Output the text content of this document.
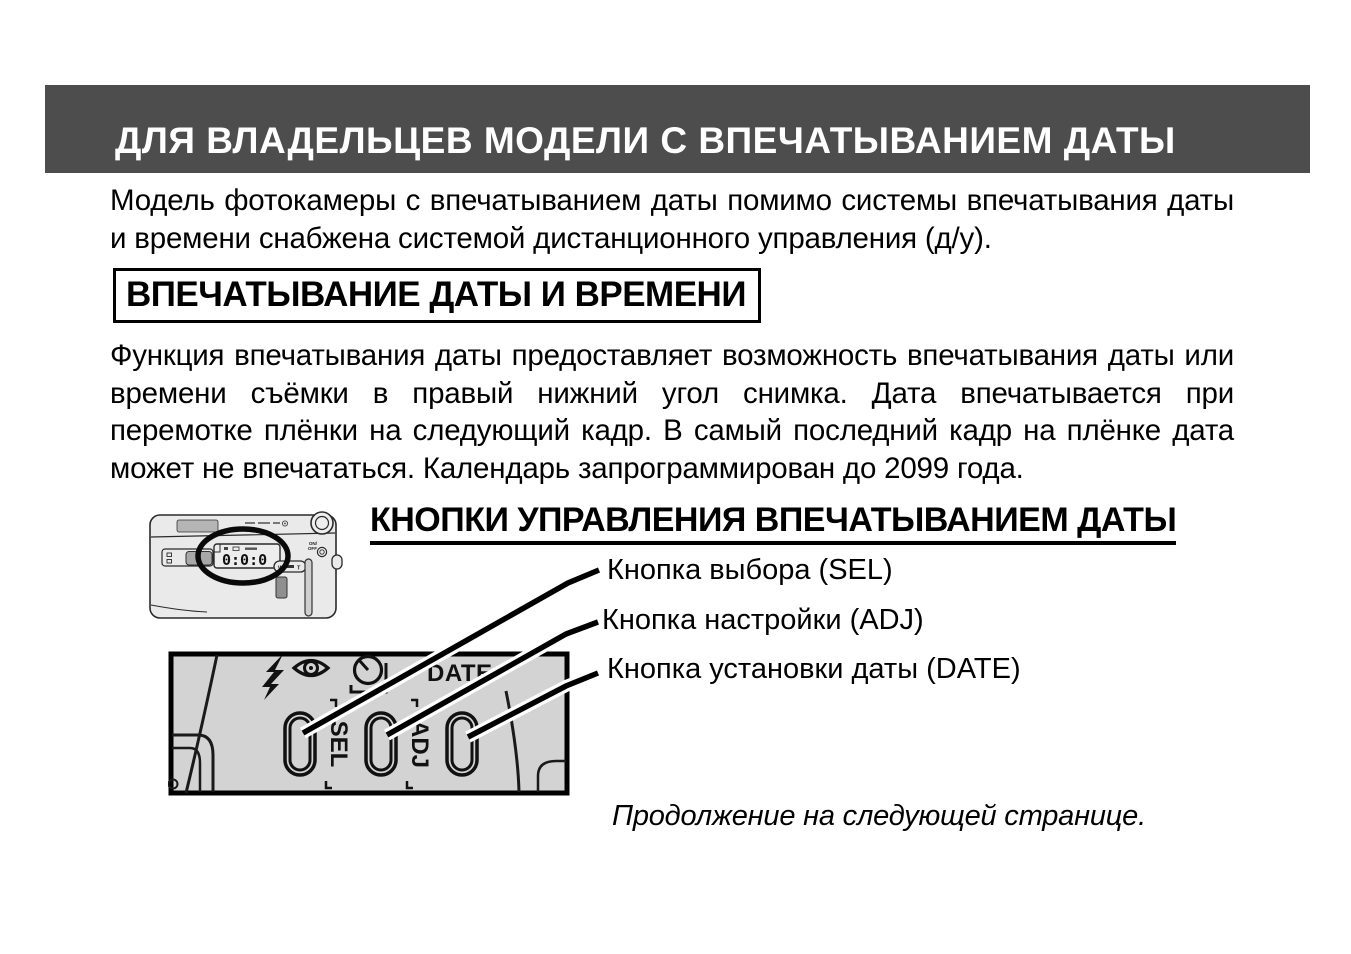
ДЛЯ ВЛАДЕЛЬЦЕВ МОДЕЛИ С ВПЕЧАТЫВАНИЕМ ДАТЫ
Модель фотокамеры с впечатыванием даты помимо системы впечатывания даты и времени снабжена системой дистанционного управления (д/у).
ВПЕЧАТЫВАНИЕ ДАТЫ И ВРЕМЕНИ
Функция впечатывания даты предоставляет возможность впечатывания даты или времени съёмки в правый нижний угол снимка. Дата впечатывается при перемотке плёнки на следующий кадр. В самый последний кадр на плёнке дата может не впечататься. Календарь запрограммирован до 2099 года.
ON/
OFF
0:0:0 W	T
КНОПКИ УПРАВЛЕНИЯ ВПЕЧАТЫВАНИЕМ ДАТЫ
DATE
SEL ADJ
Кнопка выбора (SEL)
Кнопка настройки (ADJ)
Кнопка установки даты (DATE)
Продолжение на следующей странице.
